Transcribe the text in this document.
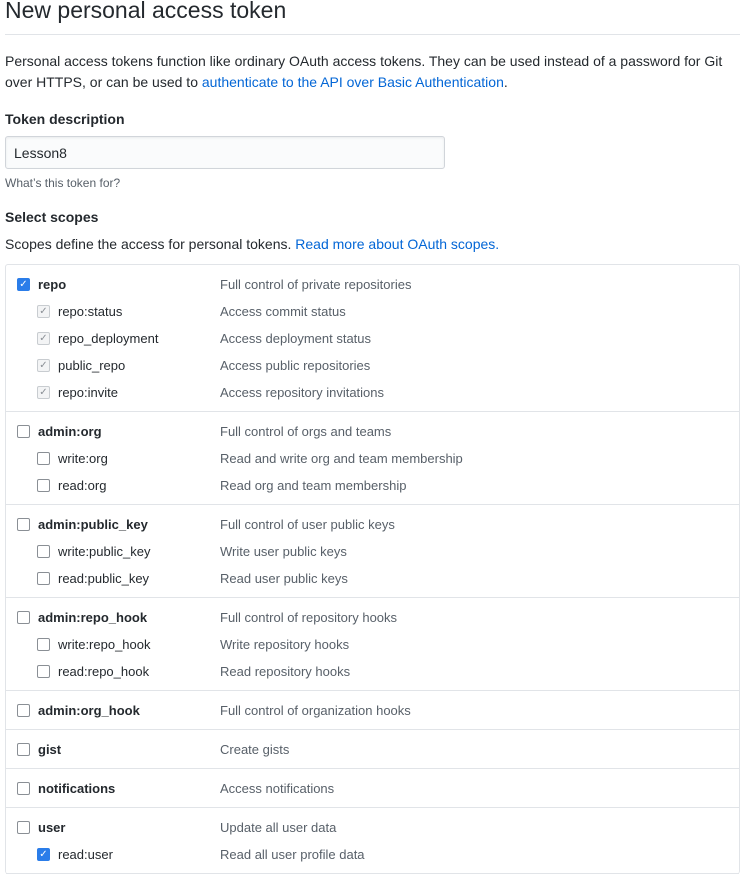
New personal access token

Personal access tokens function like ordinary OAuth access tokens. They can be used instead of a password for Git over HTTPS, or can be used to authenticate to the API over Basic Authentication.

Token description
Lesson8
What’s this token for?
Select scopes
Scopes define the access for personal tokens. Read more about OAuth scopes.
✓ repo	Full control of private repositories
✓ repo:status	Access commit status
✓ repo_deployment	Access deployment status
✓ public_repo	Access public repositories
✓ repo:invite	Access repository invitations
admin:org	Full control of orgs and teams
write:org	Read and write org and team membership
read:org	Read org and team membership
admin:public_key	Full control of user public keys
write:public_key	Write user public keys
read:public_key	Read user public keys
admin:repo_hook	Full control of repository hooks
write:repo_hook	Write repository hooks
read:repo_hook	Read repository hooks
admin:org_hook	Full control of organization hooks
gist	Create gists
notifications	Access notifications
user	Update all user data
✓ read:user	Read all user profile data
